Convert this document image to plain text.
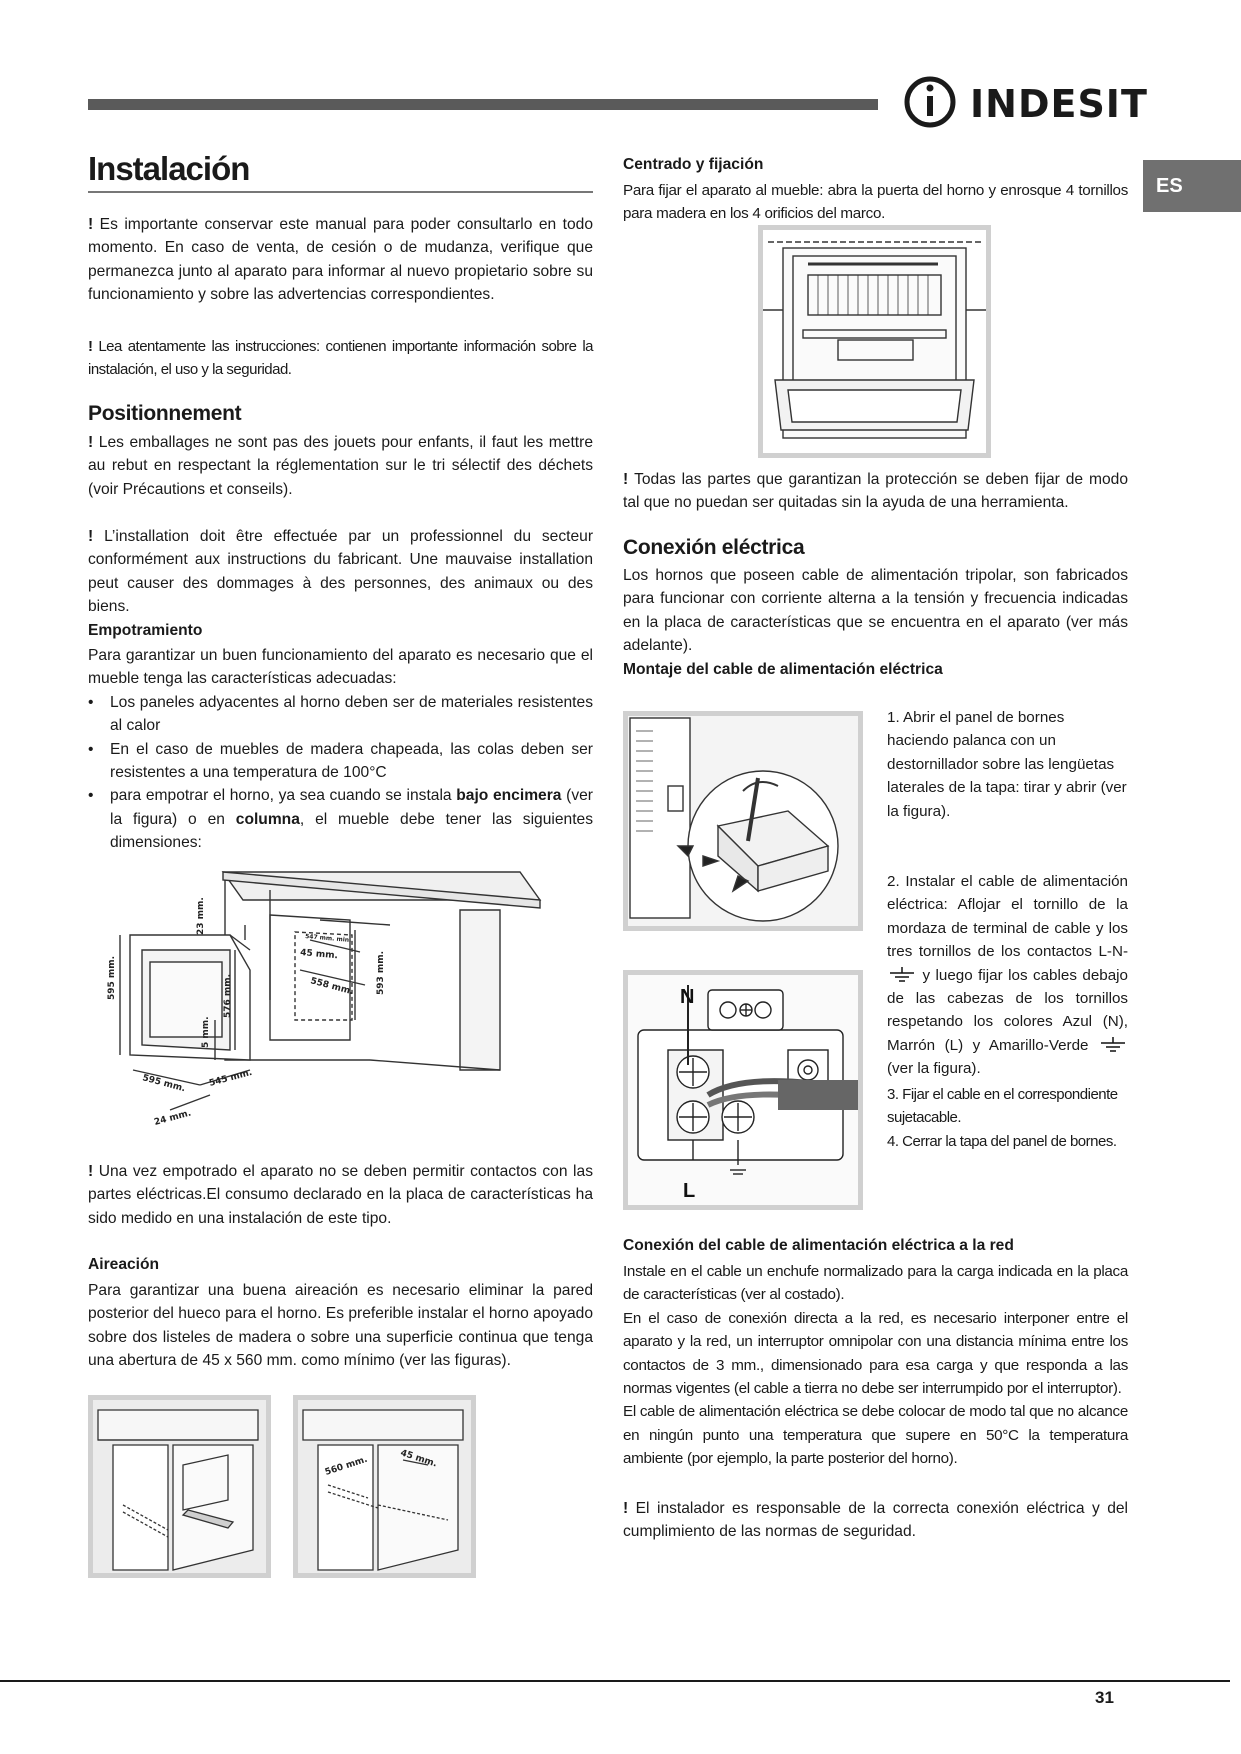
INDESIT
ES
Instalación

! Es importante conservar este manual para poder consultarlo en todo momento. En caso de venta, de cesión o de mudanza, verifique que permanezca junto al aparato para informar al nuevo propietario sobre su funcionamiento y sobre las advertencias correspondientes.

! Lea atentamente las instrucciones: contienen importante información sobre la instalación, el uso y la seguridad.

Positionnement

! Les emballages ne sont pas des jouets pour enfants, il faut les mettre au rebut en respectant la réglementation sur le tri sélectif des déchets (voir Précautions et conseils).

! L’installation doit être effectuée par un professionnel du secteur conformément aux instructions du fabricant. Une mauvaise installation peut causer des dommages à des personnes, des animaux ou des biens.

Empotramiento

Para garantizar un buen funcionamiento del aparato es necesario que el mueble tenga las características adecuadas:

• Los paneles adyacentes al horno deben ser de materiales resistentes al calor
• En el caso de muebles de madera chapeada, las colas deben ser resistentes a una temperatura de 100°C
• para empotrar el horno, ya sea cuando se instala bajo encimera (ver la figura) o en columna, el mueble debe tener las siguientes dimensiones:
595 mm.
23 mm.
576 mm.
5 mm.
595 mm. 545 mm.
24 mm.
547 mm. min.
45 mm.
558 mm. 593 mm.

! Una vez empotrado el aparato no se deben permitir contactos con las partes eléctricas.El consumo declarado en la placa de características ha sido medido en una instalación de este tipo.

Aireación
Para garantizar una buena aireación es necesario eliminar la pared posterior del hueco para el horno. Es preferible instalar el horno apoyado sobre dos listeles de madera o sobre una superficie continua que tenga una abertura de 45 x 560 mm. como mínimo (ver las figuras).
560 mm.	45 mm.
Centrado y fijación
Para fijar el aparato al mueble: abra la puerta del horno y enrosque 4 tornillos para madera en los 4 orificios del marco.

! Todas las partes que garantizan la protección se deben fijar de modo tal que no puedan ser quitadas sin la ayuda de una herramienta.

Conexión eléctrica
Los hornos que poseen cable de alimentación tripolar, son fabricados para funcionar con corriente alterna a la tensión y frecuencia indicadas en la placa de características que se encuentra en el aparato (ver más adelante).
Montaje del cable de alimentación eléctrica
1. Abrir el panel de bornes haciendo palanca con un destornillador sobre las lengüetas laterales de la tapa: tirar y abrir (ver la figura).

2. Instalar el cable de alimentación eléctrica: Aflojar el tornillo de la mordaza de terminal de cable y los tres tornillos de los contactos L-N- y luego fijar los cables debajo de las cabezas de los tornillos respetando los colores Azul (N), Marrón (L) y Amarillo-Verde  (ver la figura).

3. Fijar el cable en el correspondiente sujetacable.
4. Cerrar la tapa del panel de bornes.
N
L
Conexión del cable de alimentación eléctrica a la red

Instale en el cable un enchufe normalizado para la carga indicada en la placa de características (ver al costado).

En el caso de conexión directa a la red, es necesario interponer entre el aparato y la red, un interruptor omnipolar con una distancia mínima entre los contactos de 3 mm., dimensionado para esa carga y que responda a las normas vigentes (el cable a tierra no debe ser interrumpido por el interruptor).

El cable de alimentación eléctrica se debe colocar de modo tal que no alcance en ningún punto una temperatura que supere en 50°C la temperatura ambiente (por ejemplo, la parte posterior del horno).

! El instalador es responsable de la correcta conexión eléctrica y del cumplimiento de las normas de seguridad.

31
